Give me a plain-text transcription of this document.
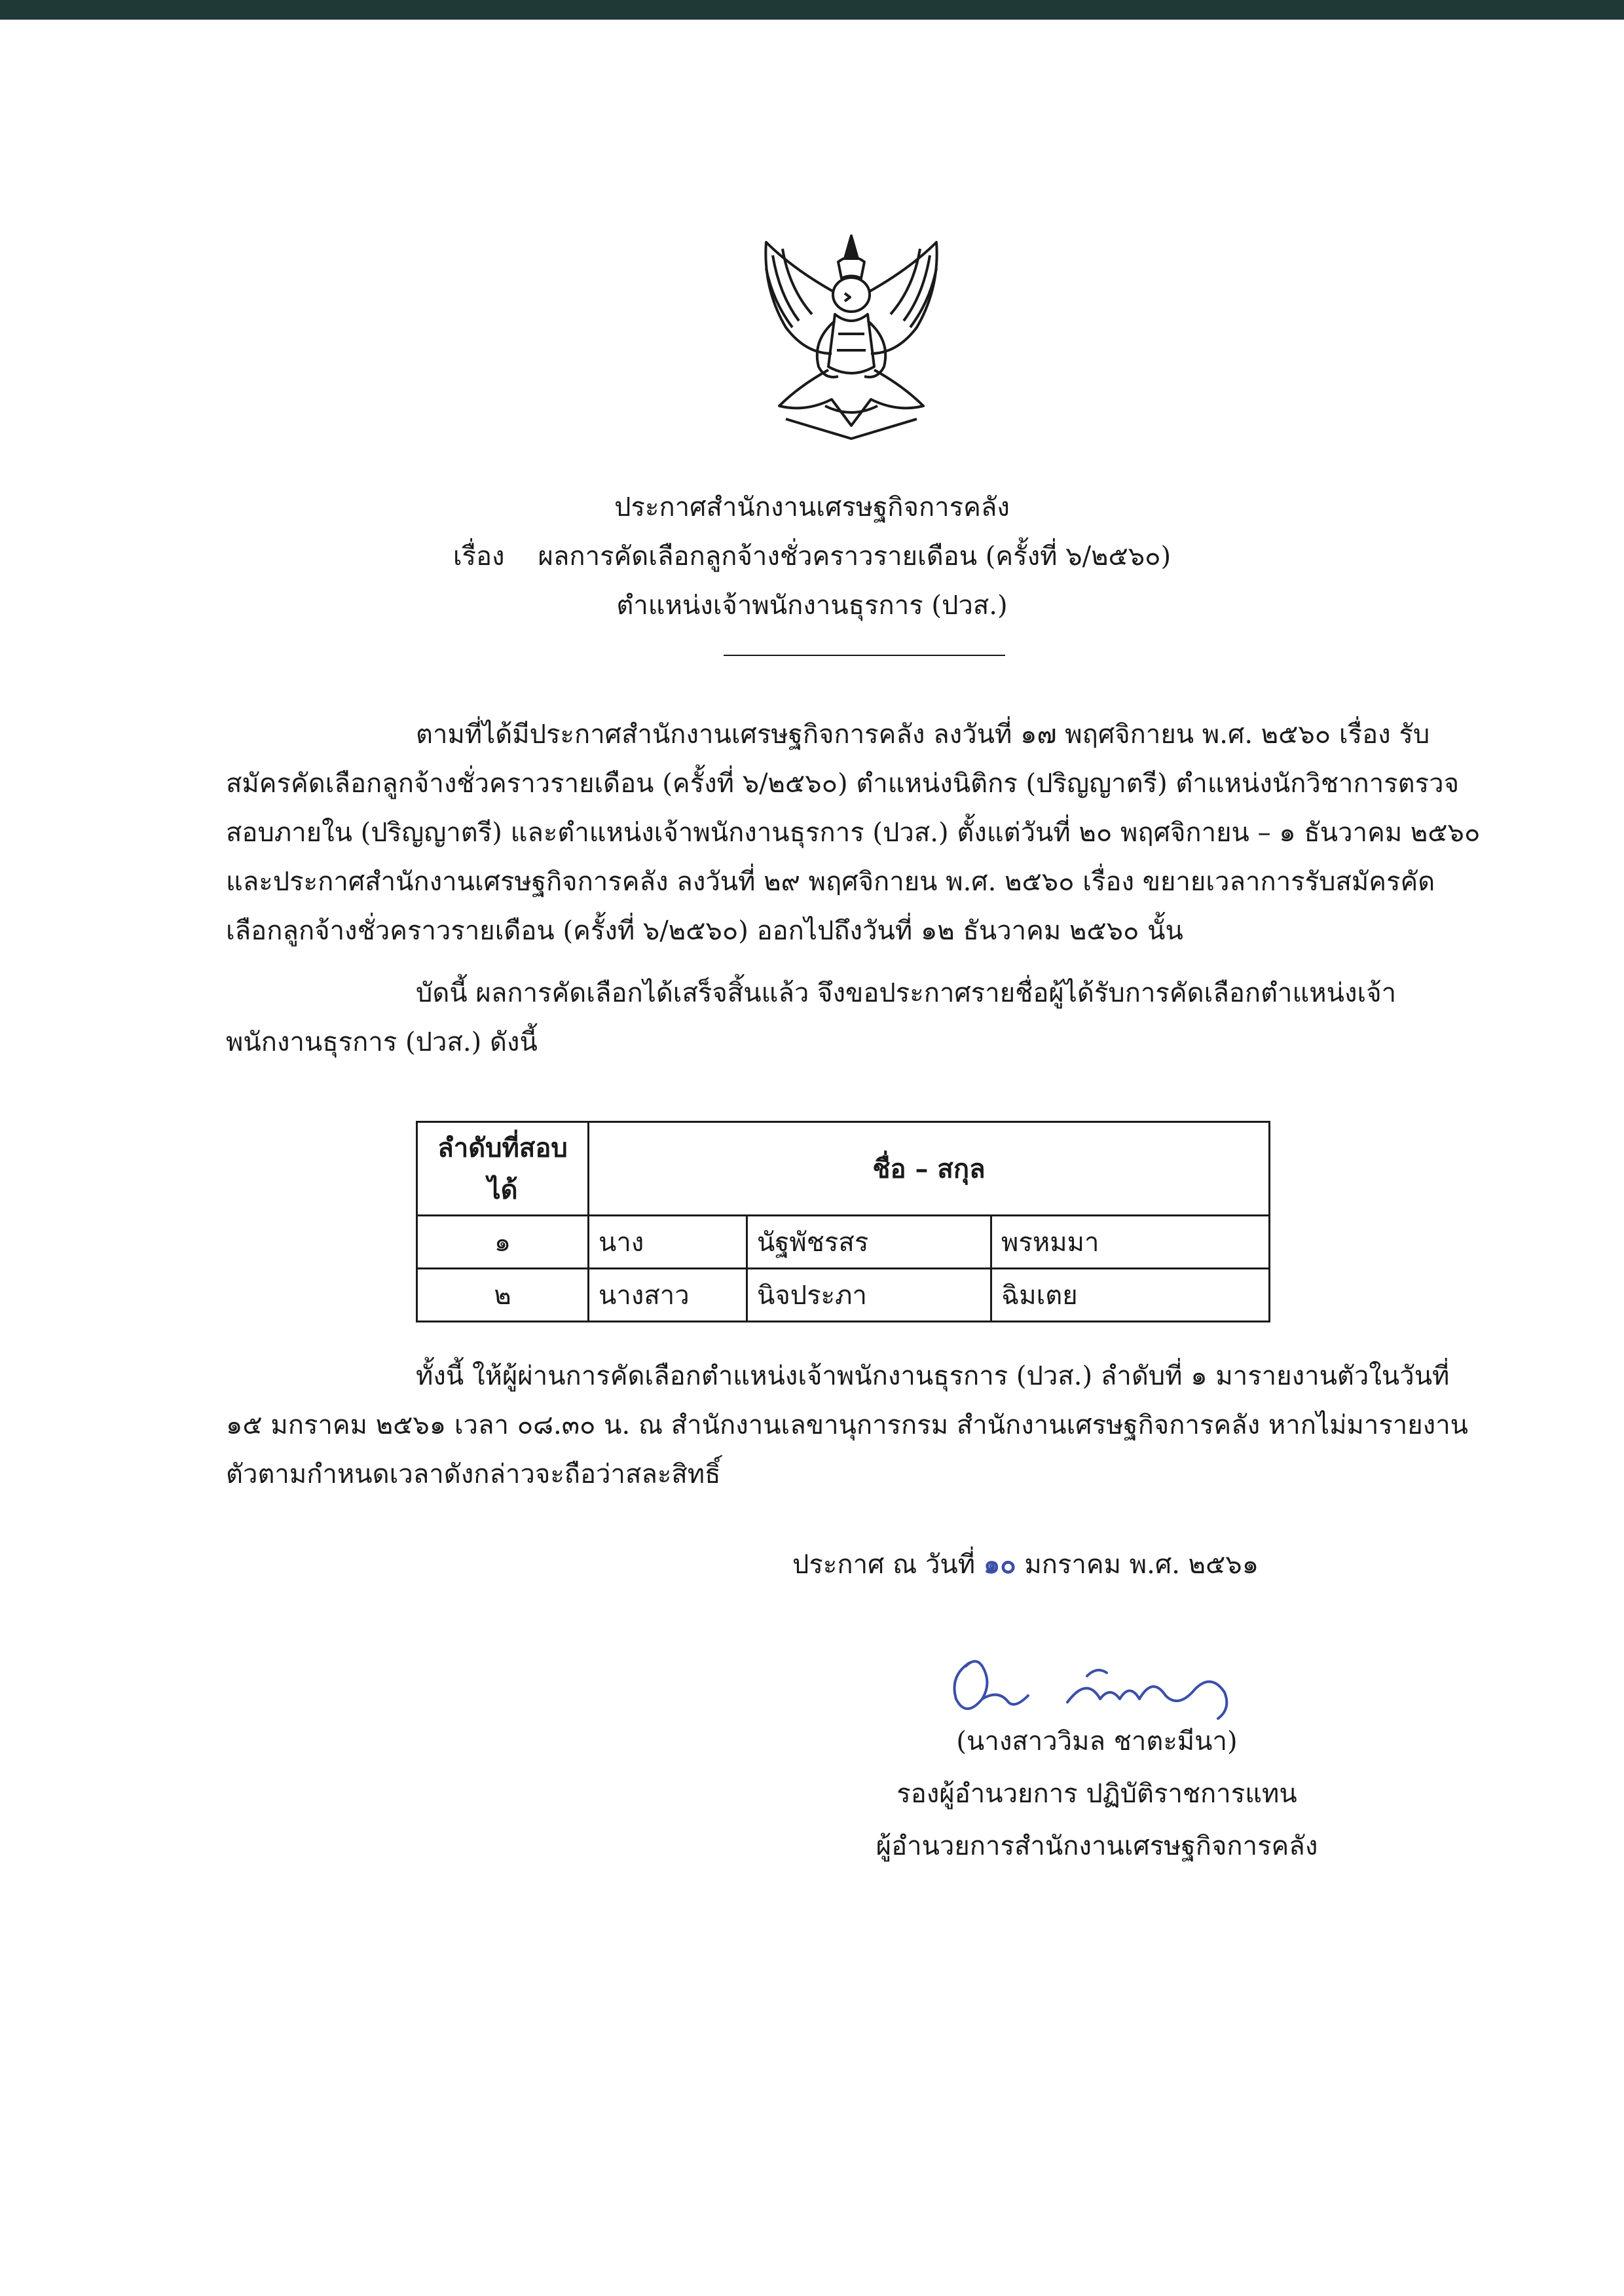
ประกาศสำนักงานเศรษฐกิจการคลัง
เรื่อง ผลการคัดเลือกลูกจ้างชั่วคราวรายเดือน (ครั้งที่ ๖/๒๕๖๐)
ตำแหน่งเจ้าพนักงานธุรการ (ปวส.)
ตามที่ได้มีประกาศสำนักงานเศรษฐกิจการคลัง ลงวันที่ ๑๗ พฤศจิกายน พ.ศ. ๒๕๖๐ เรื่อง รับสมัครคัดเลือกลูกจ้างชั่วคราวรายเดือน (ครั้งที่ ๖/๒๕๖๐) ตำแหน่งนิติกร (ปริญญาตรี) ตำแหน่งนักวิชาการตรวจสอบภายใน (ปริญญาตรี) และตำแหน่งเจ้าพนักงานธุรการ (ปวส.) ตั้งแต่วันที่ ๒๐ พฤศจิกายน – ๑ ธันวาคม ๒๕๖๐ และประกาศสำนักงานเศรษฐกิจการคลัง ลงวันที่ ๒๙ พฤศจิกายน พ.ศ. ๒๕๖๐ เรื่อง ขยายเวลาการรับสมัครคัดเลือกลูกจ้างชั่วคราวรายเดือน (ครั้งที่ ๖/๒๕๖๐) ออกไปถึงวันที่ ๑๒ ธันวาคม ๒๕๖๐ นั้น
บัดนี้ ผลการคัดเลือกได้เสร็จสิ้นแล้ว จึงขอประกาศรายชื่อผู้ได้รับการคัดเลือกตำแหน่งเจ้าพนักงานธุรการ (ปวส.) ดังนี้
ลำดับที่สอบได้	ชื่อ – สกุล		
๑	นาง	นัฐพัชรสร	พรหมมา
๒	นางสาว	นิจประภา	ฉิมเตย
ทั้งนี้ ให้ผู้ผ่านการคัดเลือกตำแหน่งเจ้าพนักงานธุรการ (ปวส.) ลำดับที่ ๑ มารายงานตัวในวันที่ ๑๕ มกราคม ๒๕๖๑ เวลา ๐๘.๓๐ น. ณ สำนักงานเลขานุการกรม สำนักงานเศรษฐกิจการคลัง หากไม่มารายงานตัวตามกำหนดเวลาดังกล่าวจะถือว่าสละสิทธิ์
ประกาศ ณ วันที่ ๑๐ มกราคม พ.ศ. ๒๕๖๑
(นางสาววิมล ชาตะมีนา)
รองผู้อำนวยการ ปฏิบัติราชการแทน
ผู้อำนวยการสำนักงานเศรษฐกิจการคลัง
